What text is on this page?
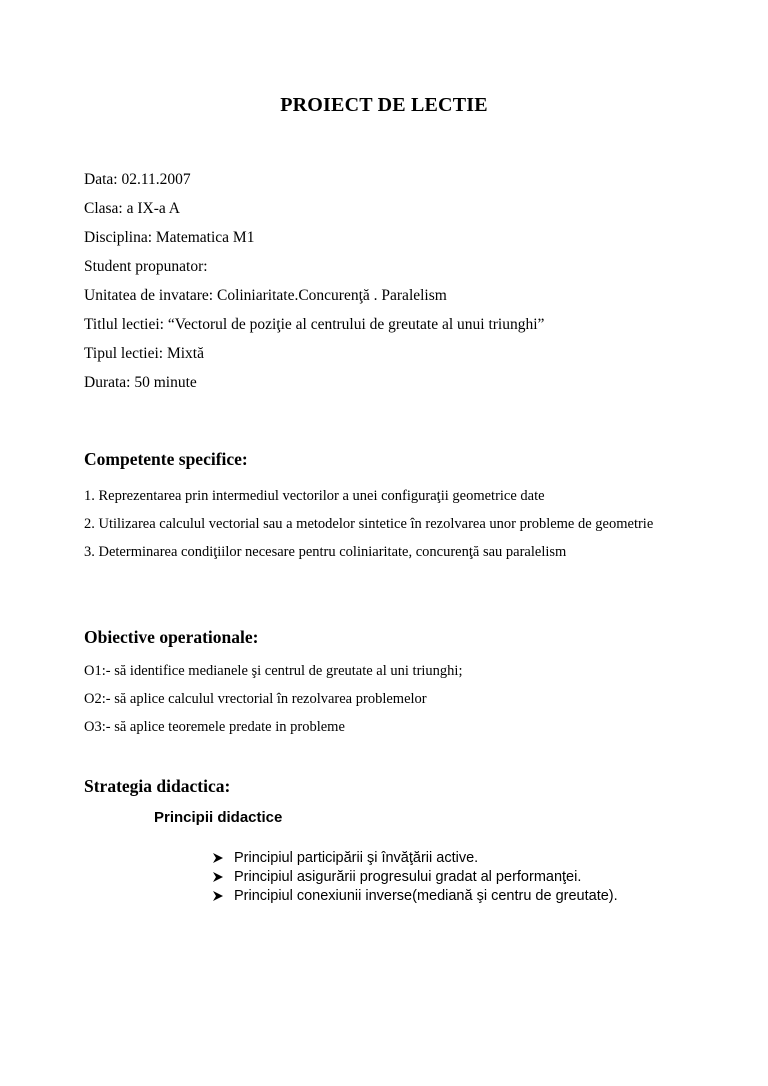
PROIECT DE LECTIE
Data: 02.11.2007
Clasa: a IX-a A
Disciplina: Matematica M1
Student propunator:
Unitatea de invatare: Coliniaritate.Concurenţă . Paralelism
Titlul lectiei: “Vectorul de poziţie al centrului de greutate al unui triunghi”
Tipul lectiei: Mixtă
Durata: 50 minute
Competente specifice:

1. Reprezentarea prin intermediul vectorilor a unei configuraţii geometrice date

2. Utilizarea calculul vectorial sau a metodelor sintetice în rezolvarea unor probleme de geometrie

3. Determinarea condiţiilor necesare pentru coliniaritate, concurenţă sau paralelism

Obiective operationale:
O1:- să identifice medianele şi centrul de greutate al uni triunghi;
O2:- să aplice calculul vrectorial în rezolvarea problemelor
O3:- să aplice teoremele predate in probleme
Strategia didactica:
Principii didactice
Principiul participării şi învăţării active.
Principiul asigurării progresului gradat al performanţei.
Principiul conexiunii inverse(mediană şi centru de greutate).
